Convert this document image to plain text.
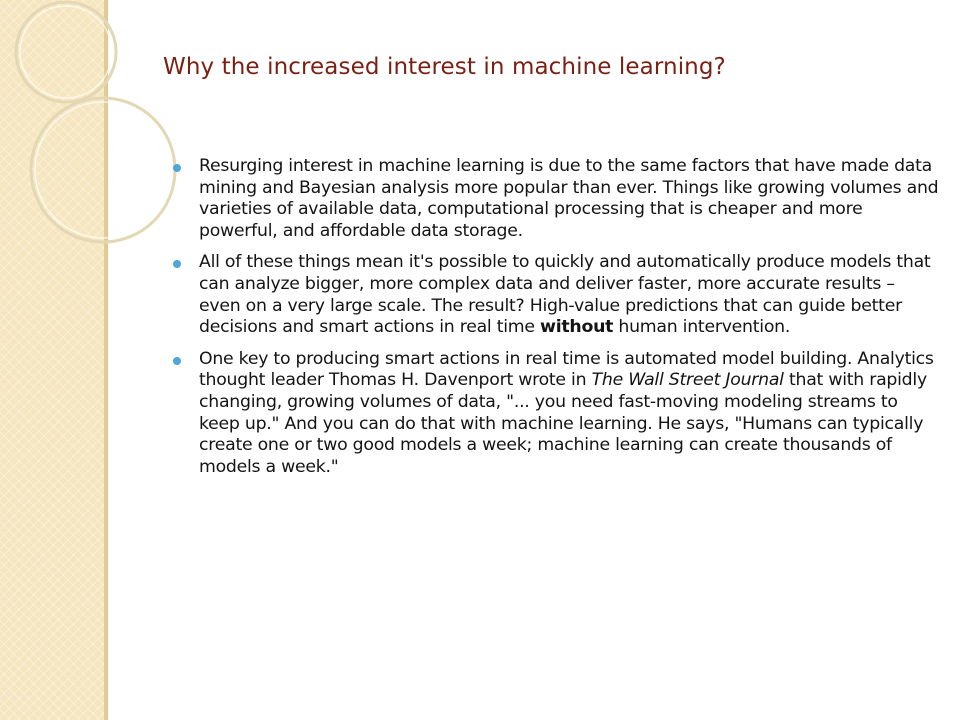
Why the increased interest in machine learning?
Resurging interest in machine learning is due to the same factors that have made data mining and Bayesian analysis more popular than ever. Things like growing volumes and varieties of available data, computational processing that is cheaper and more powerful, and affordable data storage.
All of these things mean it's possible to quickly and automatically produce models that can analyze bigger, more complex data and deliver faster, more accurate results – even on a very large scale. The result? High-value predictions that can guide better decisions and smart actions in real time without human intervention.
One key to producing smart actions in real time is automated model building. Analytics thought leader Thomas H. Davenport wrote in The Wall Street Journal that with rapidly changing, growing volumes of data, "... you need fast-moving modeling streams to keep up." And you can do that with machine learning. He says, "Humans can typically create one or two good models a week; machine learning can create thousands of models a week."
